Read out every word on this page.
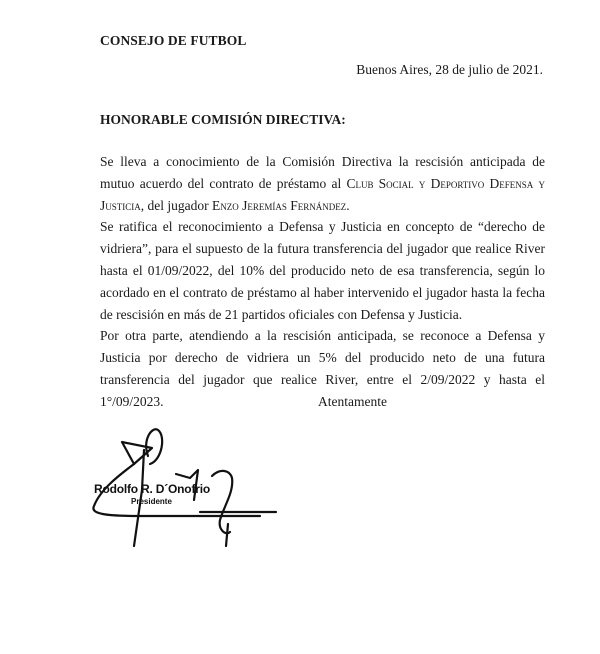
CONSEJO DE FUTBOL
Buenos Aires, 28 de julio de 2021.
HONORABLE COMISIÓN DIRECTIVA:

Se lleva a conocimiento de la Comisión Directiva la rescisión anticipada de mutuo acuerdo del contrato de préstamo al Club Social y Deportivo Defensa y Justicia, del jugador Enzo Jeremías Fernández.

Se ratifica el reconocimiento a Defensa y Justicia en concepto de “derecho de vidriera”, para el supuesto de la futura transferencia del jugador que realice River hasta el 01/09/2022, del 10% del producido neto de esa transferencia, según lo acordado en el contrato de préstamo al haber intervenido el jugador hasta la fecha de rescisión en más de 21 partidos oficiales con Defensa y Justicia.

Por otra parte, atendiendo a la rescisión anticipada, se reconoce a Defensa y Justicia por derecho de vidriera un 5% del producido neto de una futura transferencia del jugador que realice River, entre el 2/09/2022 y hasta el 1°/09/2023.	Atentamente
Rodolfo R. D´Onofrio
Presidente
